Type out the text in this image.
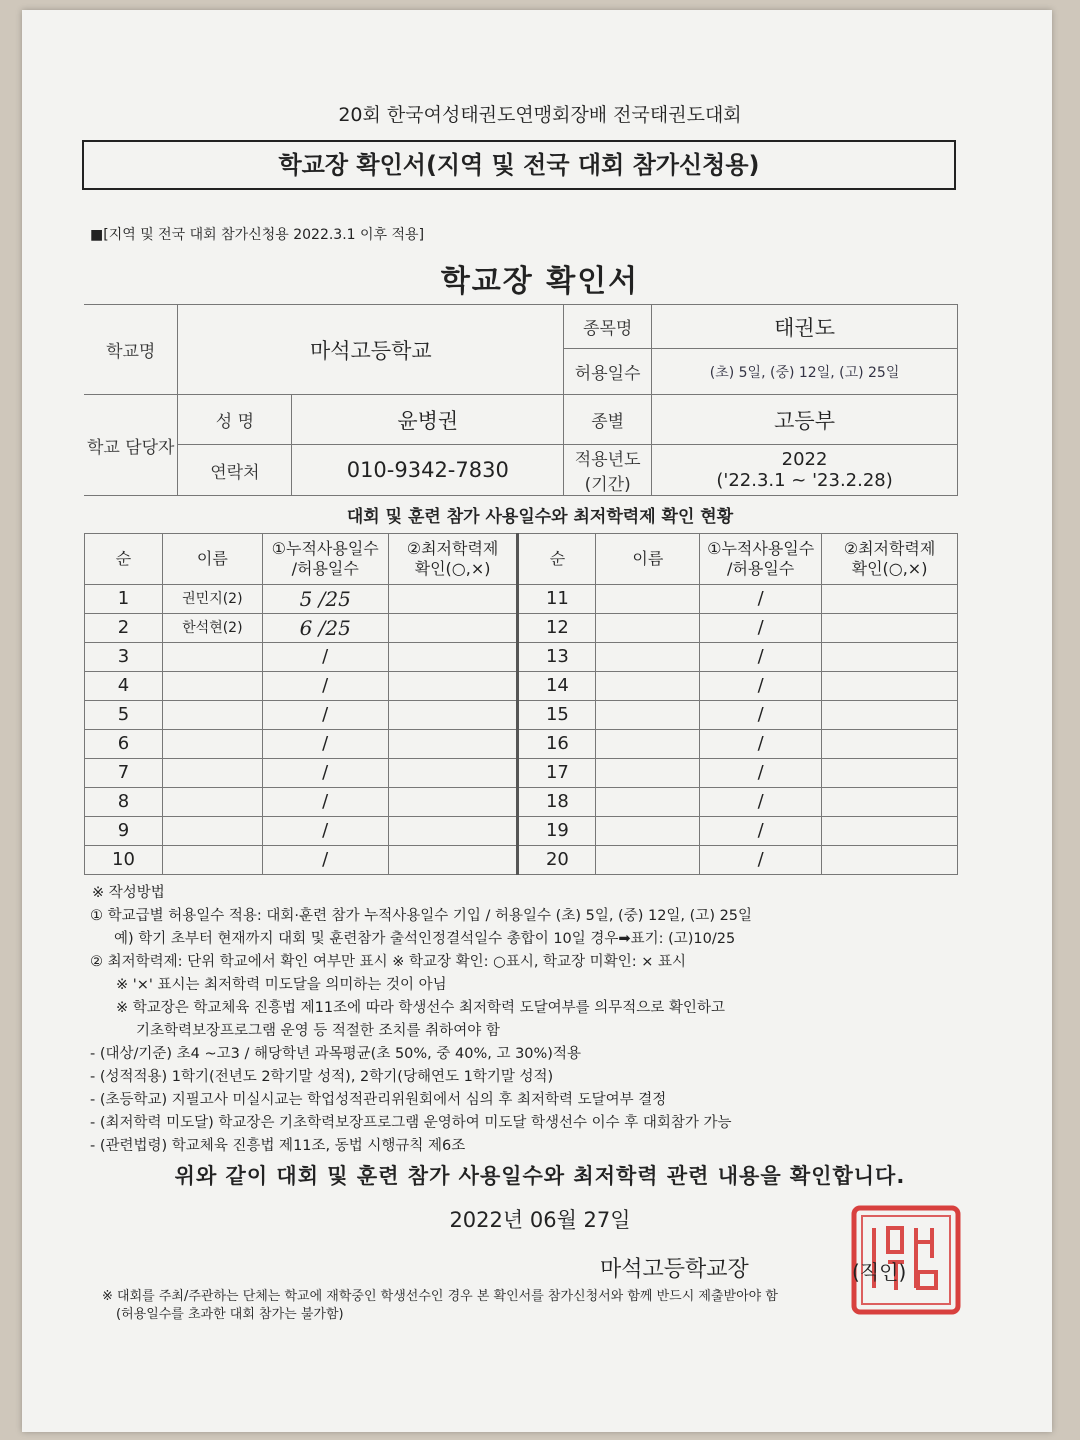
20회 한국여성태권도연맹회장배 전국태권도대회
학교장 확인서(지역 및 전국 대회 참가신청용)
■[지역 및 전국 대회 참가신청용 2022.3.1 이후 적용]
학교장 확인서
학교명	마석고등학교		종목명	태권도
			허용일수	(초) 5일, (중) 12일, (고) 25일
학교 담당자	성 명	윤병권	종별	고등부
	연락처	010-9342-7830	적용년도 (기간)	2022
('22.3.1 ~ '23.2.28)
대회 및 훈련 참가 사용일수와 최저학력제 확인 현황
순	이름	①누적사용일수
/허용일수	②최저학력제
확인(○,×)	순	이름	①누적사용일수
/허용일수	②최저학력제
확인(○,×)
1	권민지(2)	5 /25		11		/	
2	한석현(2)	6 /25		12		/	
3		/		13		/	
4		/		14		/	
5		/		15		/	
6		/		16		/	
7		/		17		/	
8		/		18		/	
9		/		19		/	
10		/		20		/	
※ 작성방법
① 학교급별 허용일수 적용: 대회·훈련 참가 누적사용일수 기입 / 허용일수 (초) 5일, (중) 12일, (고) 25일
예) 학기 초부터 현재까지 대회 및 훈련참가 출석인정결석일수 총합이 10일 경우➡표기: (고)10/25
② 최저학력제: 단위 학교에서 확인 여부만 표시 ※ 학교장 확인: ○표시, 학교장 미확인: × 표시
※ '×' 표시는 최저학력 미도달을 의미하는 것이 아님
※ 학교장은 학교체육 진흥법 제11조에 따라 학생선수 최저학력 도달여부를 의무적으로 확인하고
기초학력보장프로그램 운영 등 적절한 조치를 취하여야 함
- (대상/기준) 초4 ~고3 / 해당학년 과목평균(초 50%, 중 40%, 고 30%)적용
- (성적적용) 1학기(전년도 2학기말 성적), 2학기(당해연도 1학기말 성적)
- (초등학교) 지필고사 미실시교는 학업성적관리위원회에서 심의 후 최저학력 도달여부 결정
- (최저학력 미도달) 학교장은 기초학력보장프로그램 운영하여 미도달 학생선수 이수 후 대회참가 가능
- (관련법령) 학교체육 진흥법 제11조, 동법 시행규칙 제6조
위와 같이 대회 및 훈련 참가 사용일수와 최저학력 관련 내용을 확인합니다.
2022년 06월 27일
마석고등학교장	(직인)
※ 대회를 주최/주관하는 단체는 학교에 재학중인 학생선수인 경우 본 확인서를 참가신청서와 함께 반드시 제출받아야 함
(허용일수를 초과한 대회 참가는 불가함)
